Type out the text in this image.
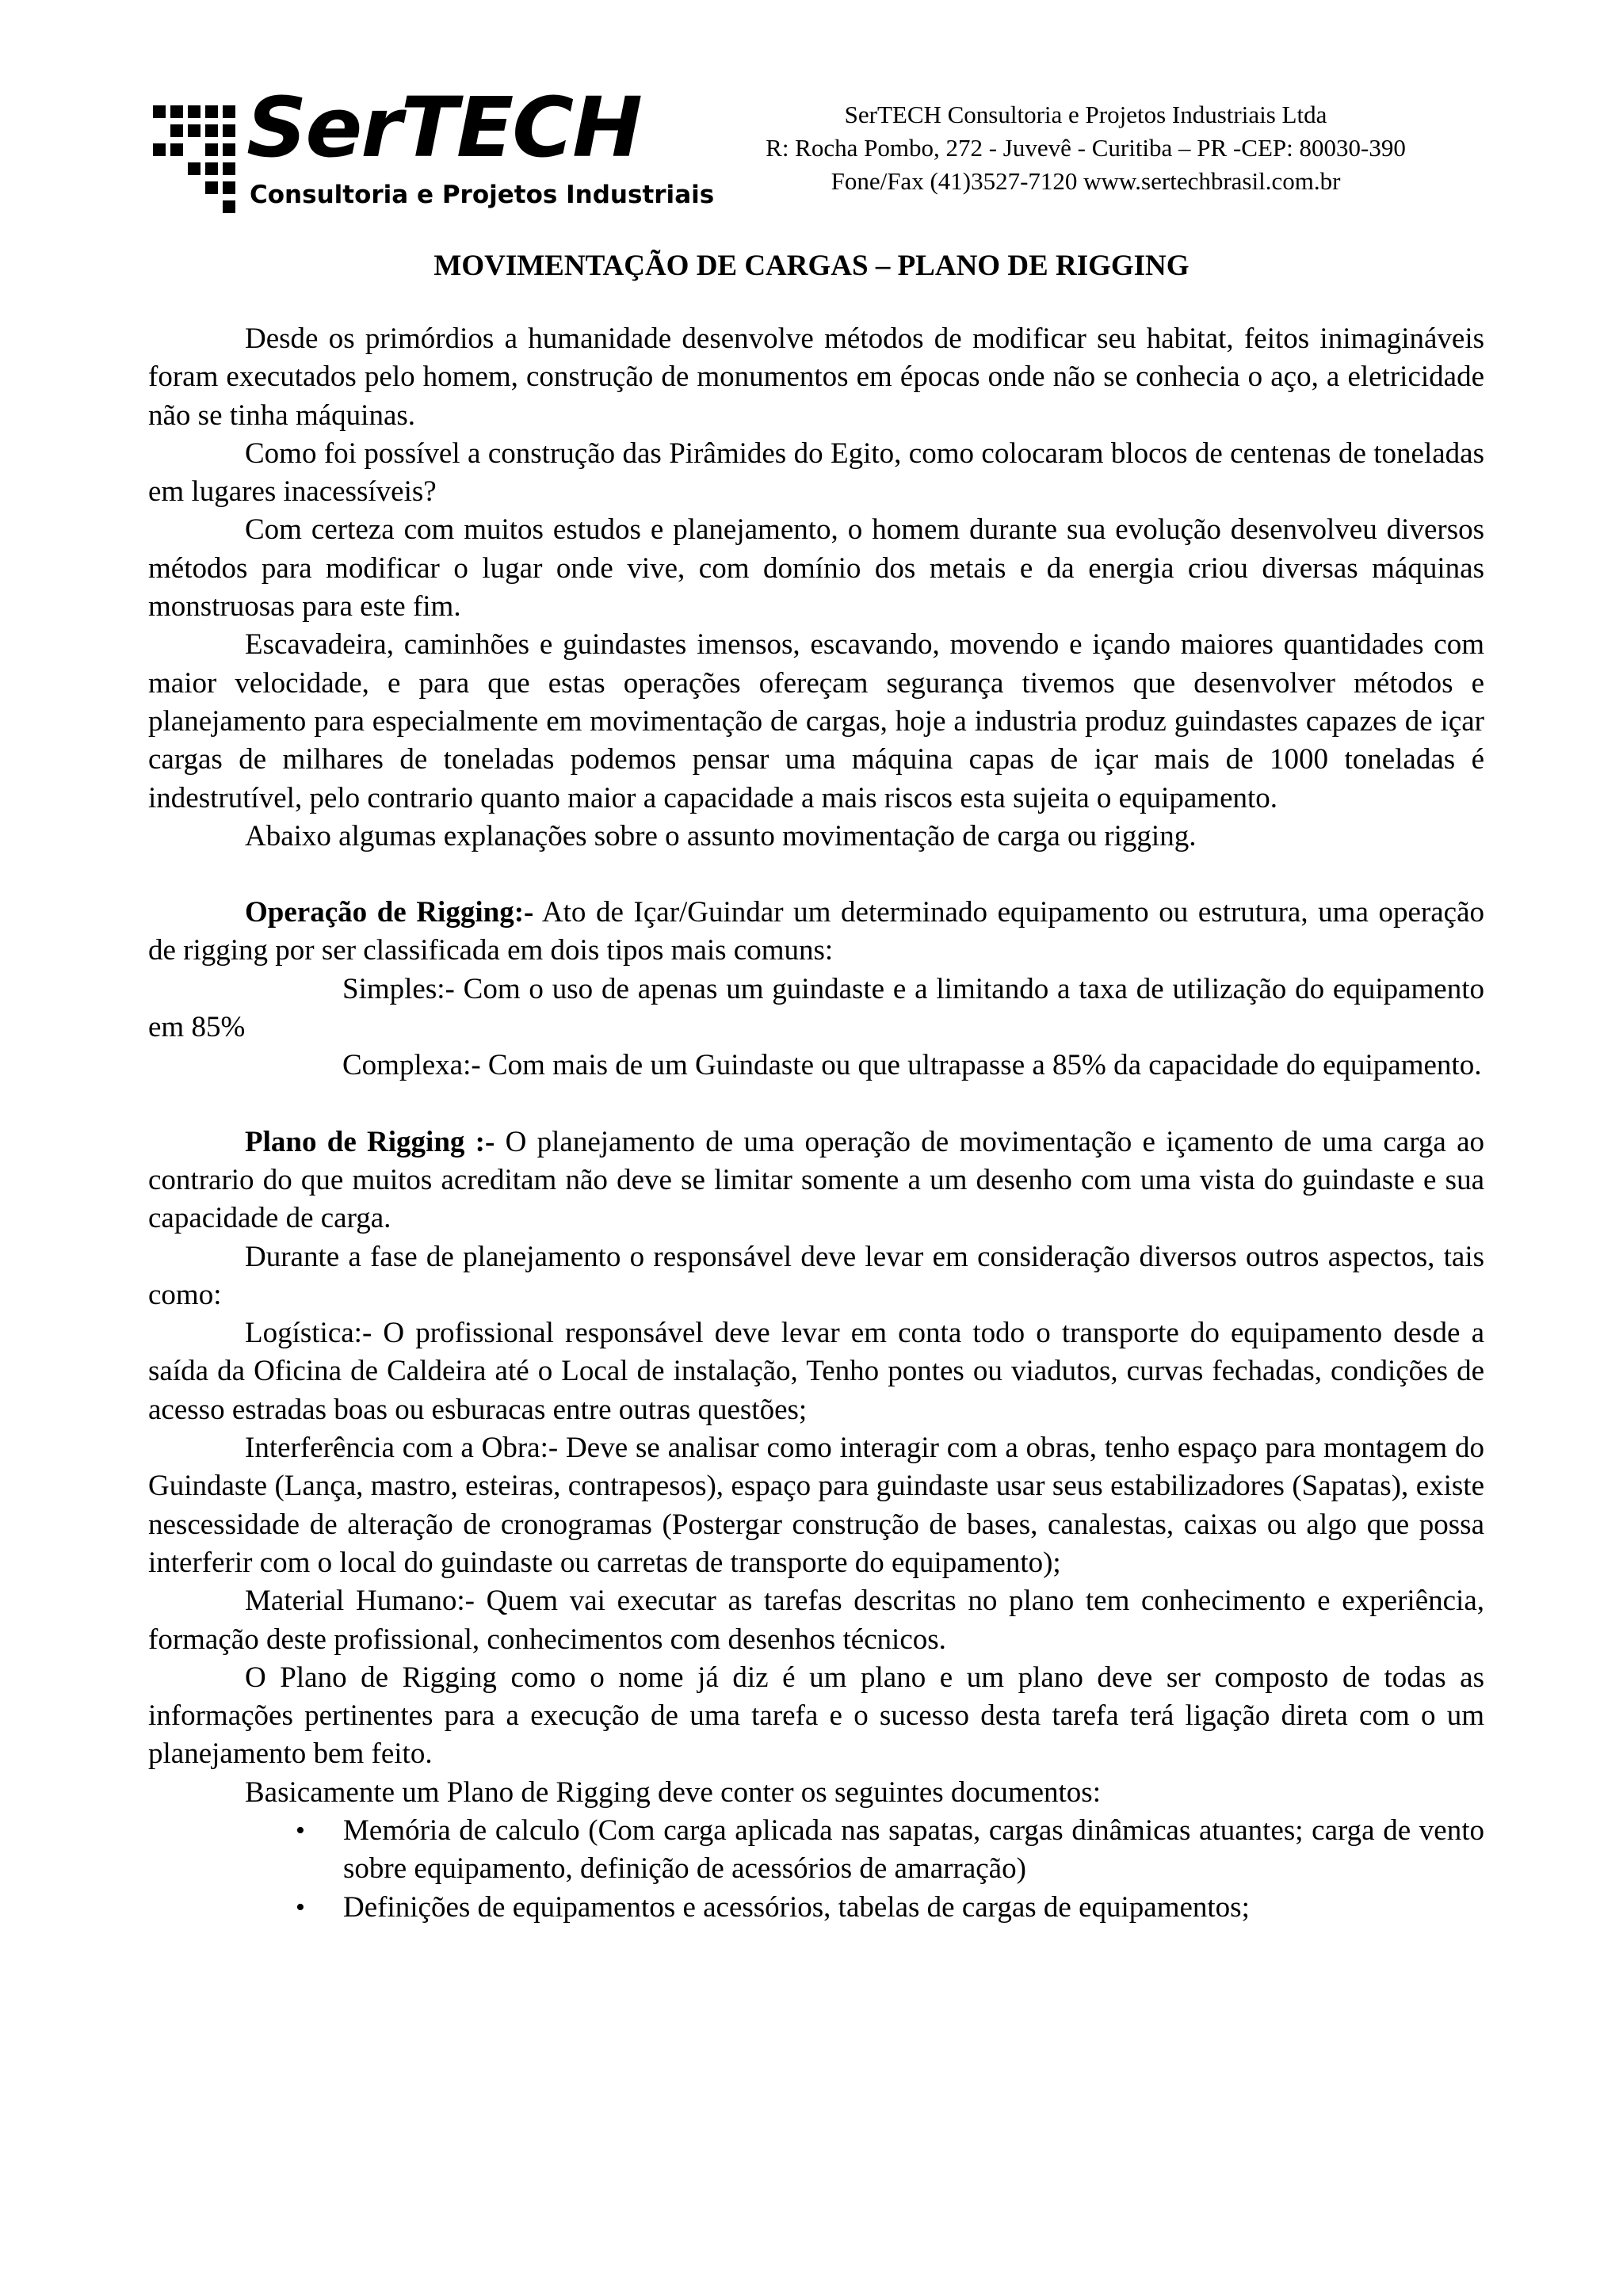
SerTECH
Consultoria e Projetos Industriais
SerTECH Consultoria e Projetos Industriais Ltda
R: Rocha Pombo, 272 - Juvevê - Curitiba – PR -CEP: 80030-390
Fone/Fax (41)3527-7120 www.sertechbrasil.com.br
MOVIMENTAÇÃO DE CARGAS – PLANO DE RIGGING

Desde os primórdios a humanidade desenvolve métodos de modificar seu habitat, feitos inimagináveis foram executados pelo homem, construção de monumentos em épocas onde não se conhecia o aço, a eletricidade não se tinha máquinas.

Como foi possível a construção das Pirâmides do Egito, como colocaram blocos de centenas de toneladas em lugares inacessíveis?

Com certeza com muitos estudos e planejamento, o homem durante sua evolução desenvolveu diversos métodos para modificar o lugar onde vive, com domínio dos metais e da energia criou diversas máquinas monstruosas para este fim.

Escavadeira, caminhões e guindastes imensos, escavando, movendo e içando maiores quantidades com maior velocidade, e para que estas operações ofereçam segurança tivemos que desenvolver métodos e planejamento para especialmente em movimentação de cargas, hoje a industria produz guindastes capazes de içar cargas de milhares de toneladas podemos pensar uma máquina capas de içar mais de 1000 toneladas é indestrutível, pelo contrario quanto maior a capacidade a mais riscos esta sujeita o equipamento.

Abaixo algumas explanações sobre o assunto movimentação de carga ou rigging.

Operação de Rigging:- Ato de Içar/Guindar um determinado equipamento ou estrutura, uma operação de rigging por ser classificada em dois tipos mais comuns:

Simples:- Com o uso de apenas um guindaste e a limitando a taxa de utilização do equipamento em 85%

Complexa:- Com mais de um Guindaste ou que ultrapasse a 85% da capacidade do equipamento.

Plano de Rigging :- O planejamento de uma operação de movimentação e içamento de uma carga ao contrario do que muitos acreditam não deve se limitar somente a um desenho com uma vista do guindaste e sua capacidade de carga.

Durante a fase de planejamento o responsável deve levar em consideração diversos outros aspectos, tais como:

Logística:- O profissional responsável deve levar em conta todo o transporte do equipamento desde a saída da Oficina de Caldeira até o Local de instalação, Tenho pontes ou viadutos, curvas fechadas, condições de acesso estradas boas ou esburacas entre outras questões;

Interferência com a Obra:- Deve se analisar como interagir com a obras, tenho espaço para montagem do Guindaste (Lança, mastro, esteiras, contrapesos), espaço para guindaste usar seus estabilizadores (Sapatas), existe nescessidade de alteração de cronogramas (Postergar construção de bases, canalestas, caixas ou algo que possa interferir com o local do guindaste ou carretas de transporte do equipamento);

Material Humano:- Quem vai executar as tarefas descritas no plano tem conhecimento e experiência, formação deste profissional, conhecimentos com desenhos técnicos.

O Plano de Rigging como o nome já diz é um plano e um plano deve ser composto de todas as informações pertinentes para a execução de uma tarefa e o sucesso desta tarefa terá ligação direta com o um planejamento bem feito.

Basicamente um Plano de Rigging deve conter os seguintes documentos:

• Memória de calculo (Com carga aplicada nas sapatas, cargas dinâmicas atuantes; carga de vento sobre equipamento, definição de acessórios de amarração)
• Definições de equipamentos e acessórios, tabelas de cargas de equipamentos;
